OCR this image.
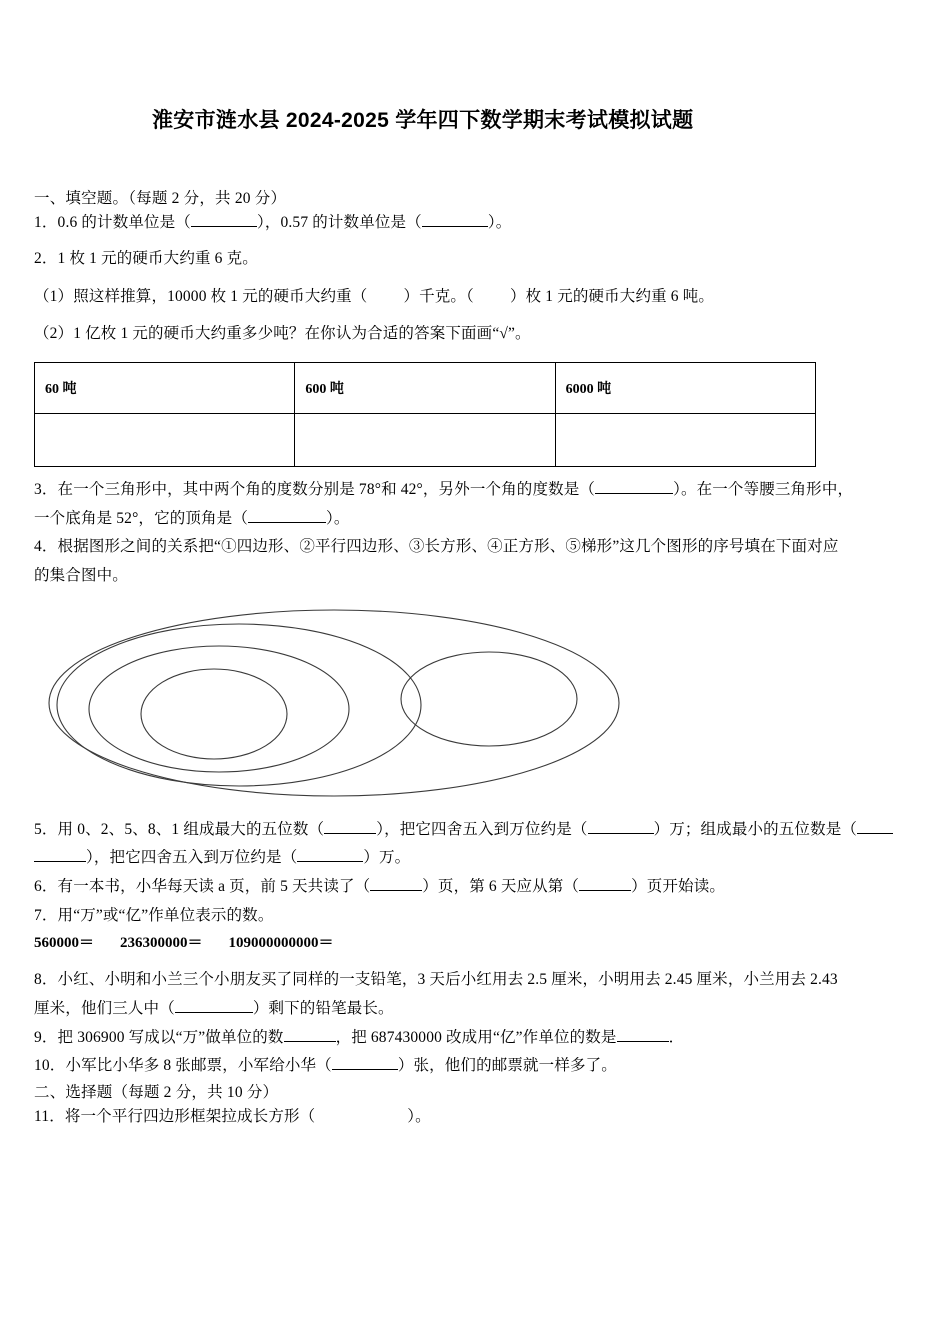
淮安市涟水县 2024-2025 学年四下数学期末考试模拟试题

一、填空题。（每题 2 分，共 20 分）

1．0.6 的计数单位是（	），0.57 的计数单位是（	）。

2．1 枚 1 元的硬币大约重 6 克。

（1）照这样推算，10000 枚 1 元的硬币大约重（ ）千克。（ ）枚 1 元的硬币大约重 6 吨。

（2）1 亿枚 1 元的硬币大约重多少吨？在你认为合适的答案下面画“√”。

60 吨	600 吨	6000 吨

3．在一个三角形中，其中两个角的度数分别是 78°和 42°，另外一个角的度数是（	）。在一个等腰三角形中，

一个底角是 52°，它的顶角是（	）。

4．根据图形之间的关系把“①四边形、②平行四边形、③长方形、④正方形、⑤梯形”这几个图形的序号填在下面对应

的集合图中。

5．用 0、2、5、8、1 组成最大的五位数（	），把它四舍五入到万位约是（	）万；组成最小的五位数是（

），把它四舍五入到万位约是（	）万。

6．有一本书，小华每天读 a 页，前 5 天共读了（	）页，第 6 天应从第（	）页开始读。

7．用“万”或“亿”作单位表示的数。

560000＝ 236300000＝ 109000000000＝

8．小红、小明和小兰三个小朋友买了同样的一支铅笔，3 天后小红用去 2.5 厘米，小明用去 2.45 厘米，小兰用去 2.43

厘米，他们三人中（	）剩下的铅笔最长。

9．把 306900 写成以“万”做单位的数	，把 687430000 改成用“亿”作单位的数是	．

10．小军比小华多 8 张邮票，小军给小华（	）张，他们的邮票就一样多了。

二、选择题（每题 2 分，共 10 分）

11．将一个平行四边形框架拉成长方形（	）。
